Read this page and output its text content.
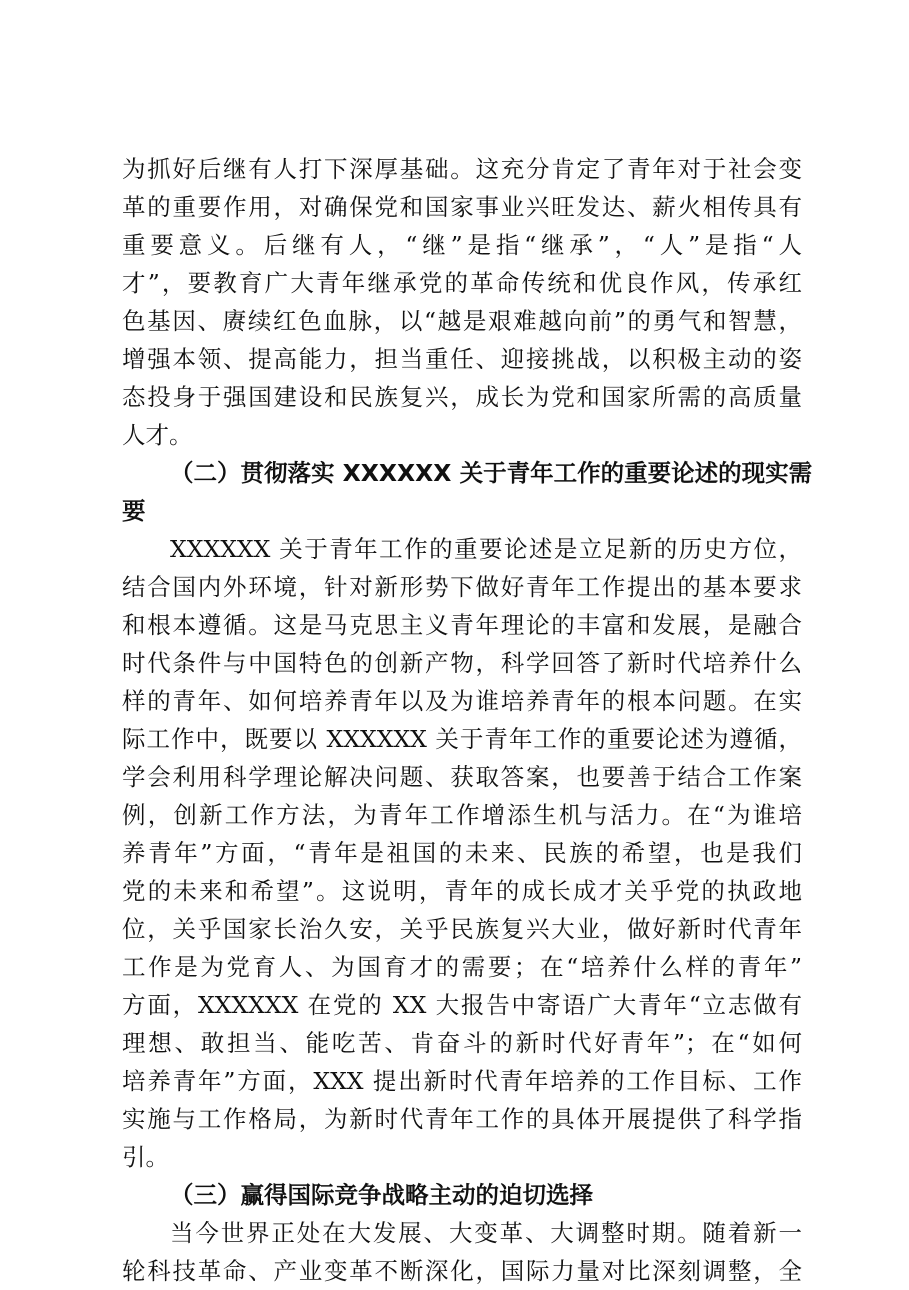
为抓好后继有人打下深厚基础。这充分肯定了青年对于社会变
革的重要作用，对确保党和国家事业兴旺发达、薪火相传具有
重要意义。后继有人，“继”是指“继承”，“人”是指“人
才”，要教育广大青年继承党的革命传统和优良作风，传承红
色基因、赓续红色血脉，以“越是艰难越向前”的勇气和智慧，
增强本领、提高能力，担当重任、迎接挑战，以积极主动的姿
态投身于强国建设和民族复兴，成长为党和国家所需的高质量
人才。
（二）贯彻落实 XXXXXX 关于青年工作的重要论述的现实需
要
XXXXXX 关于青年工作的重要论述是立足新的历史方位，
结合国内外环境，针对新形势下做好青年工作提出的基本要求
和根本遵循。这是马克思主义青年理论的丰富和发展，是融合
时代条件与中国特色的创新产物，科学回答了新时代培养什么
样的青年、如何培养青年以及为谁培养青年的根本问题。在实
际工作中，既要以 XXXXXX 关于青年工作的重要论述为遵循，
学会利用科学理论解决问题、获取答案，也要善于结合工作案
例，创新工作方法，为青年工作增添生机与活力。在“为谁培
养青年”方面，“青年是祖国的未来、民族的希望，也是我们
党的未来和希望”。这说明，青年的成长成才关乎党的执政地
位，关乎国家长治久安，关乎民族复兴大业，做好新时代青年
工作是为党育人、为国育才的需要；在“培养什么样的青年”
方面，XXXXXX 在党的 XX 大报告中寄语广大青年“立志做有
理想、敢担当、能吃苦、肯奋斗的新时代好青年”；在“如何
培养青年”方面，XXX 提出新时代青年培养的工作目标、工作
实施与工作格局，为新时代青年工作的具体开展提供了科学指
引。
（三）赢得国际竞争战略主动的迫切选择
当今世界正处在大发展、大变革、大调整时期。随着新一
轮科技革命、产业变革不断深化，国际力量对比深刻调整，全
